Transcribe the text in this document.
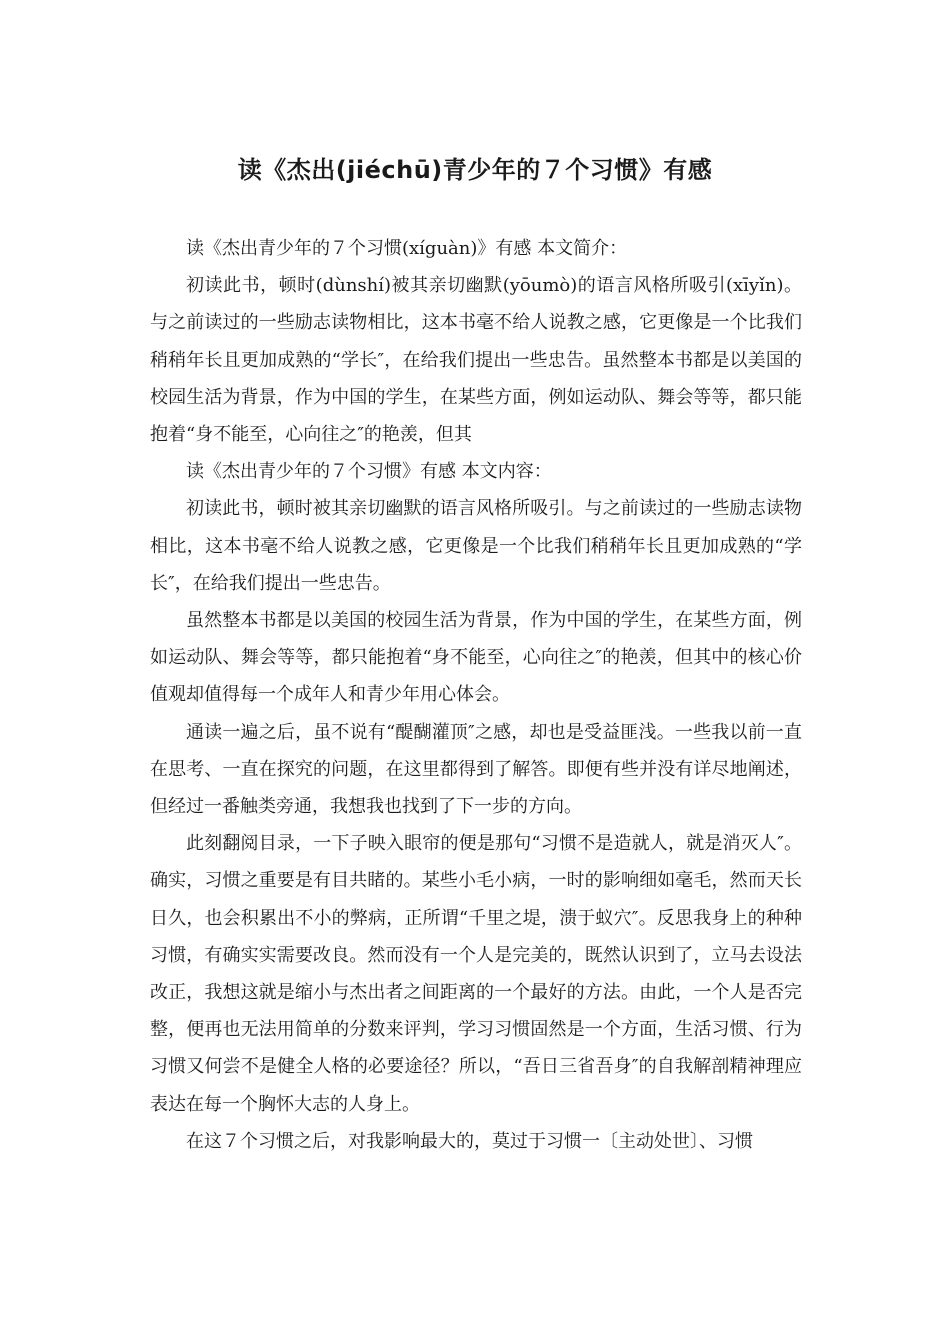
读《杰出(jiéchū)青少年的７个习惯》有感

读《杰出青少年的７个习惯(xíguàn)》有感 本文简介：

初读此书，顿时(dùnshí)被其亲切幽默(yōumò)的语言风格所吸引(xīyǐn)。与之前读过的一些励志读物相比，这本书毫不给人说教之感，它更像是一个比我们稍稍年长且更加成熟的“学长″，在给我们提出一些忠告。虽然整本书都是以美国的校园生活为背景，作为中国的学生，在某些方面，例如运动队、舞会等等，都只能抱着“身不能至，心向往之″的艳羡，但其

读《杰出青少年的７个习惯》有感 本文内容：

初读此书，顿时被其亲切幽默的语言风格所吸引。与之前读过的一些励志读物相比，这本书毫不给人说教之感，它更像是一个比我们稍稍年长且更加成熟的“学长″，在给我们提出一些忠告。

虽然整本书都是以美国的校园生活为背景，作为中国的学生，在某些方面，例如运动队、舞会等等，都只能抱着“身不能至，心向往之″的艳羡，但其中的核心价值观却值得每一个成年人和青少年用心体会。

通读一遍之后，虽不说有“醍醐灌顶″之感，却也是受益匪浅。一些我以前一直在思考、一直在探究的问题，在这里都得到了解答。即便有些并没有详尽地阐述，但经过一番触类旁通，我想我也找到了下一步的方向。

此刻翻阅目录，一下子映入眼帘的便是那句“习惯不是造就人，就是消灭人″。确实，习惯之重要是有目共睹的。某些小毛小病，一时的影响细如毫毛，然而天长日久，也会积累出不小的弊病，正所谓“千里之堤，溃于蚁穴″。反思我身上的种种习惯，有确实实需要改良。然而没有一个人是完美的，既然认识到了，立马去设法改正，我想这就是缩小与杰出者之间距离的一个最好的方法。由此，一个人是否完整，便再也无法用简单的分数来评判，学习习惯固然是一个方面，生活习惯、行为习惯又何尝不是健全人格的必要途径？所以，“吾日三省吾身″的自我解剖精神理应表达在每一个胸怀大志的人身上。

在这７个习惯之后，对我影响最大的，莫过于习惯一〔主动处世〕、习惯
